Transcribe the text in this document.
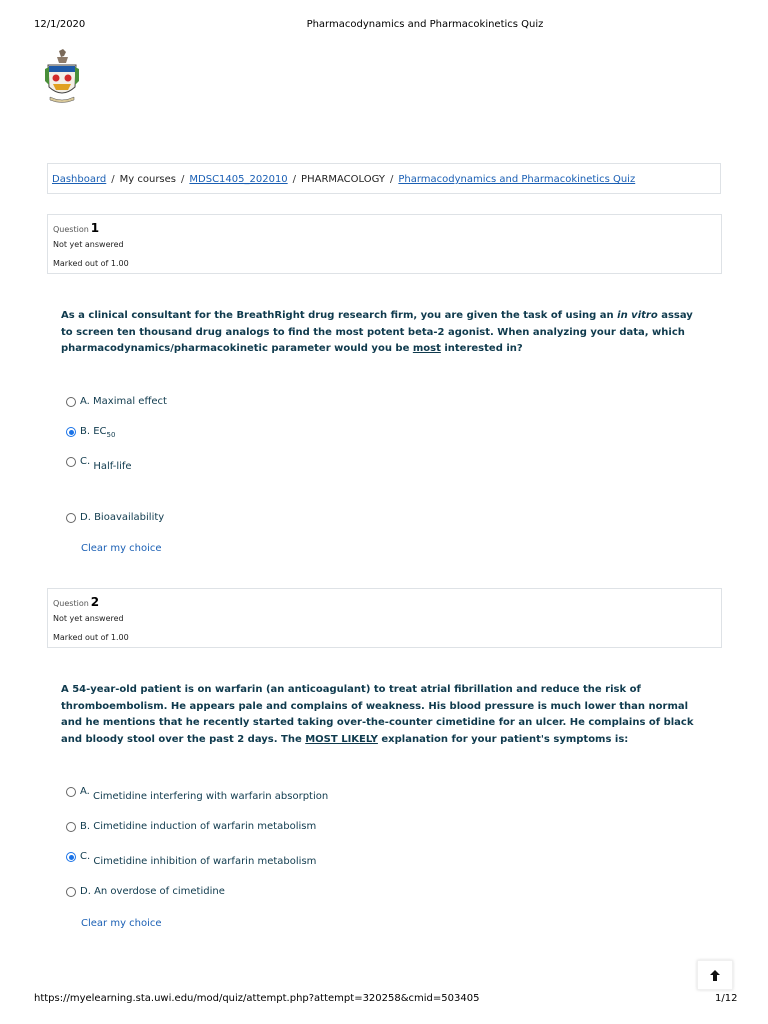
12/1/2020	Pharmacodynamics and Pharmacokinetics Quiz
Dashboard / My courses / MDSC1405_202010 / PHARMACOLOGY / Pharmacodynamics and Pharmacokinetics Quiz
Question 1
Not yet answered
Marked out of 1.00
As a clinical consultant for the BreathRight drug research firm, you are given the task of using an in vitro assay to screen ten thousand drug analogs to find the most potent beta-2 agonist. When analyzing your data, which pharmacodynamics/pharmacokinetic parameter would you be most interested in?
A. Maximal effect
B. $EC_{50}$
C. Half-life
D. Bioavailability
Clear my choice
Question 2
Not yet answered
Marked out of 1.00
A 54-year-old patient is on warfarin (an anticoagulant) to treat atrial fibrillation and reduce the risk of thromboembolism. He appears pale and complains of weakness. His blood pressure is much lower than normal and he mentions that he recently started taking over-the-counter cimetidine for an ulcer. He complains of black and bloody stool over the past 2 days. The MOST LIKELY explanation for your patient's symptoms is:
A. Cimetidine interfering with warfarin absorption
B. Cimetidine induction of warfarin metabolism
C. Cimetidine inhibition of warfarin metabolism
D. An overdose of cimetidine
Clear my choice
https://myelearning.sta.uwi.edu/mod/quiz/attempt.php?attempt=320258&cmid=503405	1/12
